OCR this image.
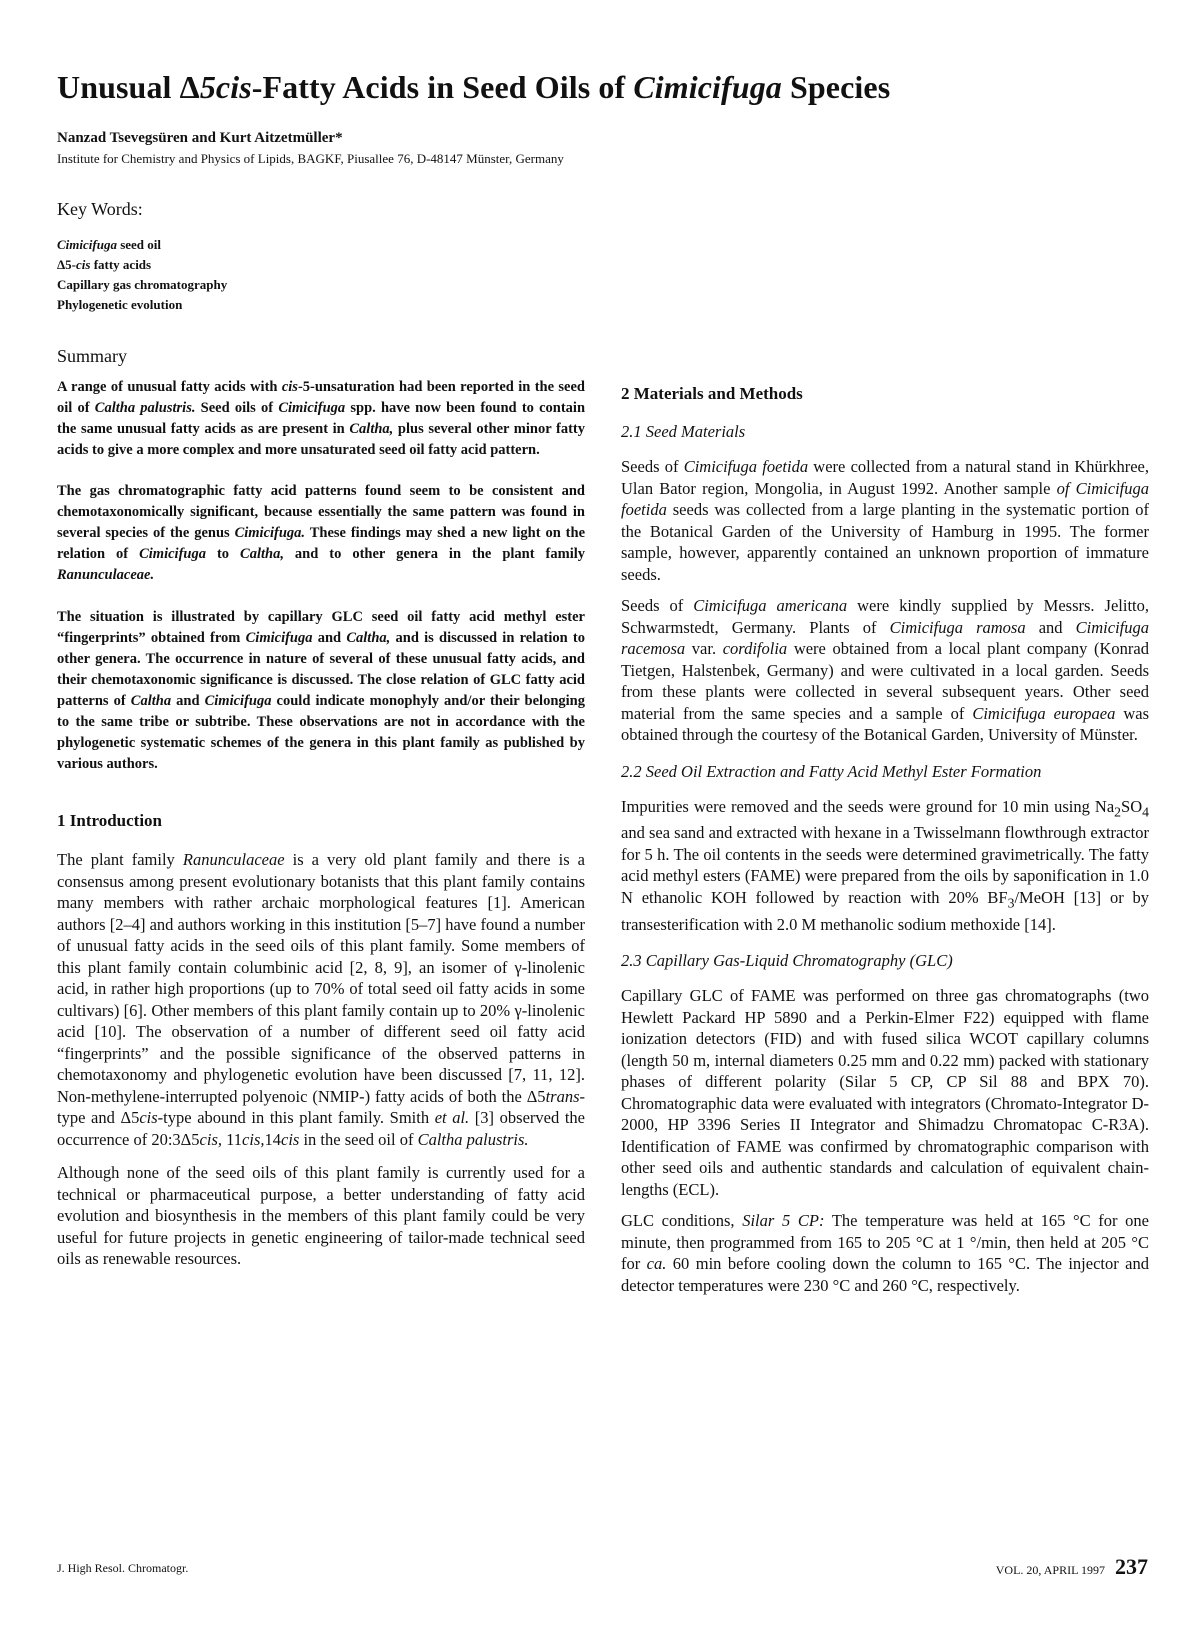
Unusual Δ5cis-Fatty Acids in Seed Oils of Cimicifuga Species

Nanzad Tsevegsüren and Kurt Aitzetmüller*

Institute for Chemistry and Physics of Lipids, BAGKF, Piusallee 76, D-48147 Münster, Germany

Key Words:
Cimicifuga seed oil
Δ5-cis fatty acids
Capillary gas chromatography
Phylogenetic evolution
Summary

A range of unusual fatty acids with cis-5-unsaturation had been reported in the seed oil of Caltha palustris. Seed oils of Cimicifuga spp. have now been found to contain the same unusual fatty acids as are present in Caltha, plus several other minor fatty acids to give a more complex and more unsaturated seed oil fatty acid pattern.

The gas chromatographic fatty acid patterns found seem to be consistent and chemotaxonomically significant, because essentially the same pattern was found in several species of the genus Cimicifuga. These findings may shed a new light on the relation of Cimicifuga to Caltha, and to other genera in the plant family Ranunculaceae.

The situation is illustrated by capillary GLC seed oil fatty acid methyl ester “fingerprints” obtained from Cimicifuga and Caltha, and is discussed in relation to other genera. The occurrence in nature of several of these unusual fatty acids, and their chemotaxonomic significance is discussed. The close relation of GLC fatty acid patterns of Caltha and Cimicifuga could indicate monophyly and/or their belonging to the same tribe or subtribe. These observations are not in accordance with the phylogenetic systematic schemes of the genera in this plant family as published by various authors.

1 Introduction

The plant family Ranunculaceae is a very old plant family and there is a consensus among present evolutionary botanists that this plant family contains many members with rather archaic morphological features [1]. American authors [2–4] and authors working in this institution [5–7] have found a number of unusual fatty acids in the seed oils of this plant family. Some members of this plant family contain columbinic acid [2, 8, 9], an isomer of γ-linolenic acid, in rather high proportions (up to 70% of total seed oil fatty acids in some cultivars) [6]. Other members of this plant family contain up to 20% γ-linolenic acid [10]. The observation of a number of different seed oil fatty acid “fingerprints” and the possible significance of the observed patterns in chemotaxonomy and phylogenetic evolution have been discussed [7, 11, 12]. Non-methylene-interrupted polyenoic (NMIP-) fatty acids of both the Δ5trans-type and Δ5cis-type abound in this plant family. Smith et al. [3] observed the occurrence of 20:3Δ5cis, 11cis,14cis in the seed oil of Caltha palustris.

Although none of the seed oils of this plant family is currently used for a technical or pharmaceutical purpose, a better understanding of fatty acid evolution and biosynthesis in the members of this plant family could be very useful for future projects in genetic engineering of tailor-made technical seed oils as renewable resources.

2 Materials and Methods
2.1 Seed Materials

Seeds of Cimicifuga foetida were collected from a natural stand in Khürkhree, Ulan Bator region, Mongolia, in August 1992. Another sample of Cimicifuga foetida seeds was collected from a large planting in the systematic portion of the Botanical Garden of the University of Hamburg in 1995. The former sample, however, apparently contained an unknown proportion of immature seeds.

Seeds of Cimicifuga americana were kindly supplied by Messrs. Jelitto, Schwarmstedt, Germany. Plants of Cimicifuga ramosa and Cimicifuga racemosa var. cordifolia were obtained from a local plant company (Konrad Tietgen, Halstenbek, Germany) and were cultivated in a local garden. Seeds from these plants were collected in several subsequent years. Other seed material from the same species and a sample of Cimicifuga europaea was obtained through the courtesy of the Botanical Garden, University of Münster.

2.2 Seed Oil Extraction and Fatty Acid Methyl Ester Formation

Impurities were removed and the seeds were ground for 10 min using $Na_2SO_4$ and sea sand and extracted with hexane in a Twisselmann flowthrough extractor for 5 h. The oil contents in the seeds were determined gravimetrically. The fatty acid methyl esters (FAME) were prepared from the oils by saponification in 1.0 N ethanolic KOH followed by reaction with 20% $BF_3$/MeOH [13] or by transesterification with 2.0 M methanolic sodium methoxide [14].

2.3 Capillary Gas-Liquid Chromatography (GLC)

Capillary GLC of FAME was performed on three gas chromatographs (two Hewlett Packard HP 5890 and a Perkin-Elmer F22) equipped with flame ionization detectors (FID) and with fused silica WCOT capillary columns (length 50 m, internal diameters 0.25 mm and 0.22 mm) packed with stationary phases of different polarity (Silar 5 CP, CP Sil 88 and BPX 70). Chromatographic data were evaluated with integrators (Chromato-Integrator D-2000, HP 3396 Series II Integrator and Shimadzu Chromatopac C-R3A). Identification of FAME was confirmed by chromatographic comparison with other seed oils and authentic standards and calculation of equivalent chain-lengths (ECL).

GLC conditions, Silar 5 CP: The temperature was held at 165 °C for one minute, then programmed from 165 to 205 °C at 1 °/min, then held at 205 °C for ca. 60 min before cooling down the column to 165 °C. The injector and detector temperatures were 230 °C and 260 °C, respectively.

J. High Resol. Chromatogr.	VOL. 20, APRIL 1997 237
